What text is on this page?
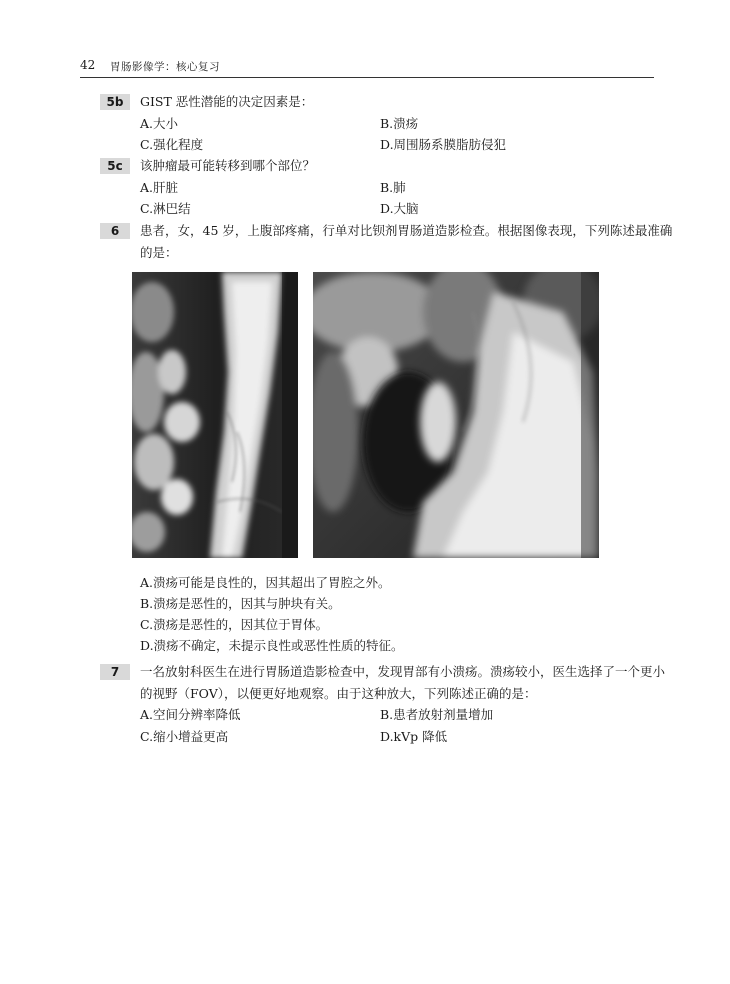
42 胃肠影像学：核心复习
5b	GIST 恶性潜能的决定因素是：
A.大小	B.溃疡
C.强化程度	D.周围肠系膜脂肪侵犯
5c	该肿瘤最可能转移到哪个部位？
A.肝脏	B.肺
C.淋巴结	D.大脑
6	患者，女，45 岁，上腹部疼痛，行单对比钡剂胃肠道造影检查。根据图像表现，下列陈述最准确
的是：
A.溃疡可能是良性的，因其超出了胃腔之外。
B.溃疡是恶性的，因其与肿块有关。
C.溃疡是恶性的，因其位于胃体。
D.溃疡不确定，未提示良性或恶性性质的特征。
7	一名放射科医生在进行胃肠道造影检查中，发现胃部有小溃疡。溃疡较小，医生选择了一个更小
的视野（FOV），以便更好地观察。由于这种放大，下列陈述正确的是：
A.空间分辨率降低	B.患者放射剂量增加
C.缩小增益更高	D.kVp 降低
